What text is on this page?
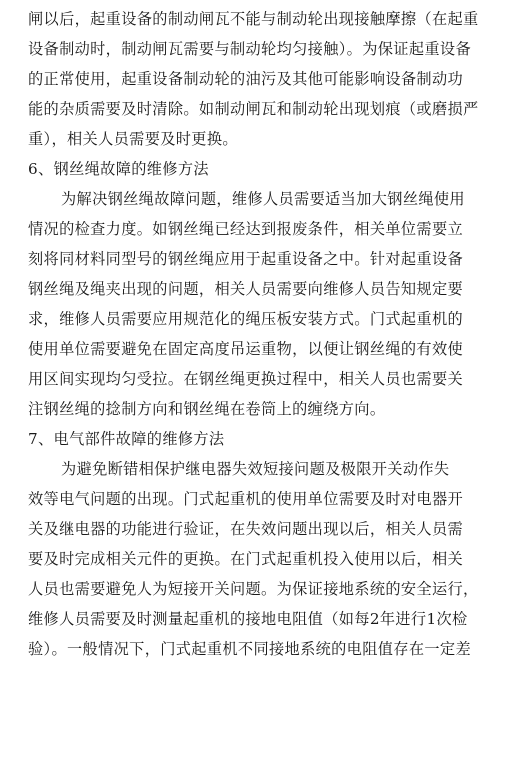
闸以后，起重设备的制动闸瓦不能与制动轮出现接触摩擦（在起重
设备制动时，制动闸瓦需要与制动轮均匀接触）。为保证起重设备
的正常使用，起重设备制动轮的油污及其他可能影响设备制动功
能的杂质需要及时清除。如制动闸瓦和制动轮出现划痕（或磨损严
重），相关人员需要及时更换。
6、钢丝绳故障的维修方法
为解决钢丝绳故障问题，维修人员需要适当加大钢丝绳使用
情况的检查力度。如钢丝绳已经达到报废条件，相关单位需要立
刻将同材料同型号的钢丝绳应用于起重设备之中。针对起重设备
钢丝绳及绳夹出现的问题，相关人员需要向维修人员告知规定要
求，维修人员需要应用规范化的绳压板安装方式。门式起重机的
使用单位需要避免在固定高度吊运重物，以便让钢丝绳的有效使
用区间实现均匀受拉。在钢丝绳更换过程中，相关人员也需要关
注钢丝绳的捻制方向和钢丝绳在卷筒上的缠绕方向。
7、电气部件故障的维修方法
为避免断错相保护继电器失效短接问题及极限开关动作失
效等电气问题的出现。门式起重机的使用单位需要及时对电器开
关及继电器的功能进行验证，在失效问题出现以后，相关人员需
要及时完成相关元件的更换。在门式起重机投入使用以后，相关
人员也需要避免人为短接开关问题。为保证接地系统的安全运行，
维修人员需要及时测量起重机的接地电阻值（如每2年进行1次检
验）。一般情况下，门式起重机不同接地系统的电阻值存在一定差
